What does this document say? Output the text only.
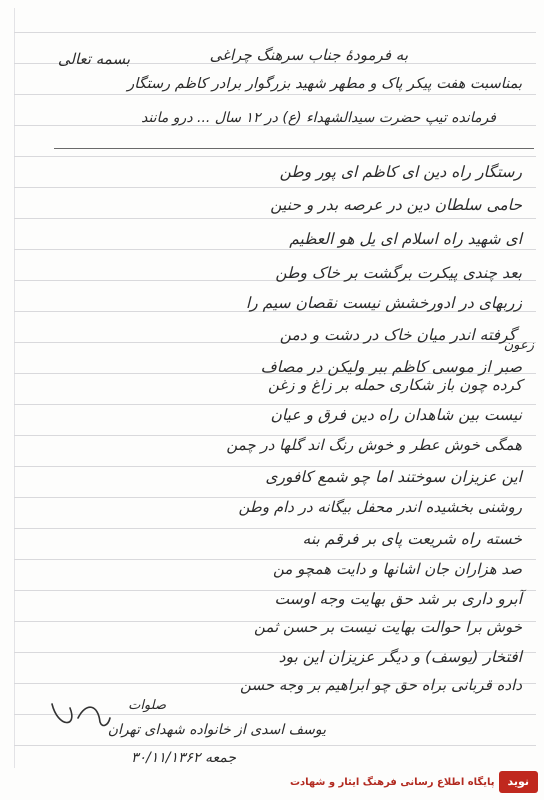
بسمه تعالی	به فرمودهٔ جناب سرهنگ چراغی
بمناسبت هفت پیکر پاک و مطهر شهید بزرگوار برادر کاظم رستگار
فرمانده تیپ حضرت سیدالشهداء (ع) در ۱۲ سال ... درو مانند
رستگار راه دین ای کاظم ای پور وطن
حامی سلطان دین در عرصه بدر و حنین
ای شهید راه اسلام ای یل هو العظیم
بعد چندی پیکرت برگشت بر خاک وطن
زربهای در ادورخشش نیست نقصان سیم را
گرفته اندر میان خاک در دشت و دمن
صبر از موسی کاظم ببر ولیکن در مصاف
زعون
کرده چون باز شکاری حمله بر زاغ و زغن
نیست بین شاهدان راه دین فرق و عیان
همگی خوش عطر و خوش رنگ اند گلها در چمن
این عزیزان سوختند اما چو شمع کافوری
روشنی بخشیده اندر محفل بیگانه در دام وطن
خسته راه شریعت پای بر فرقم بنه
صد هزاران جان اشانها و دایت همچو من
آبرو داری بر شد حق بهایت وجه اوست
خوش برا حوالت بهایت نیست بر حسن ثمن
افتخار (یوسف) و دیگر عزیزان این بود
داده قربانی براه حق چو ابراهیم بر وجه حسن
صلوات
یوسف اسدی از خانواده شهدای تهران
جمعه ۳۰/۱۱/۱۳۶۲
نوید
پایگاه اطلاع رسانی فرهنگ ایثار و شهادت
